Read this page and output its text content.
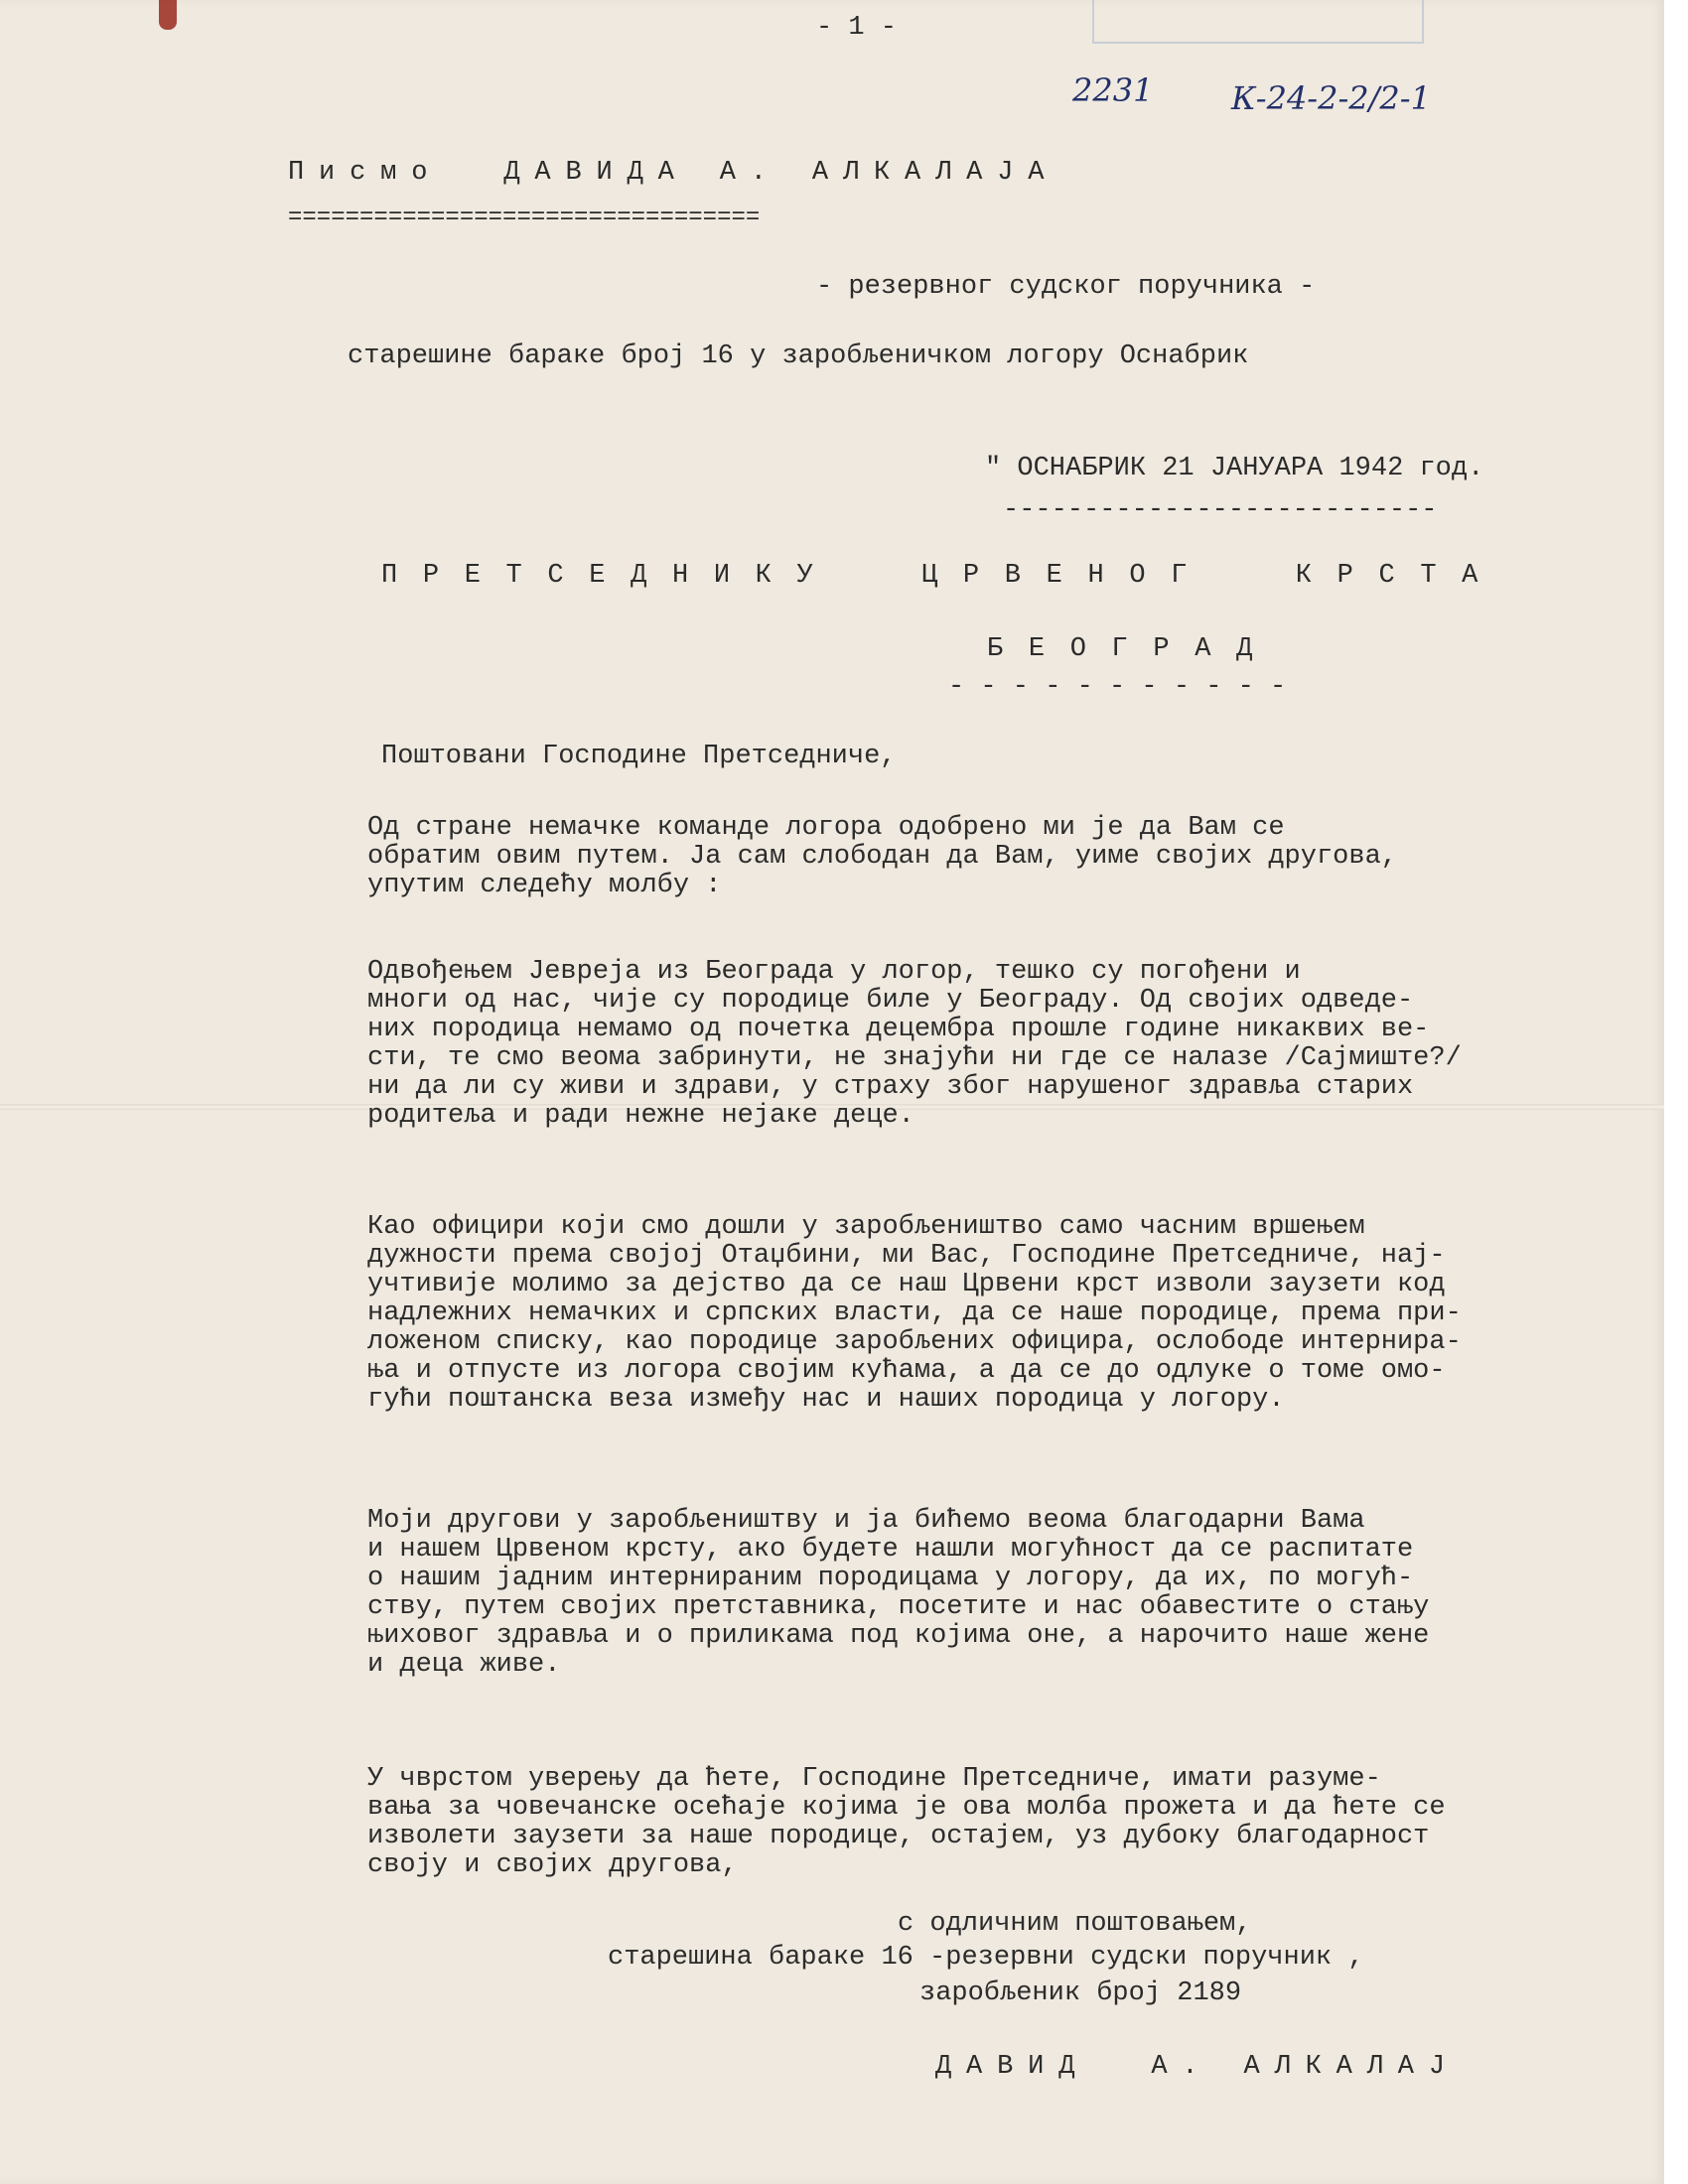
- 1 -
2231 К-24-2-2/2-1
Писмо  ДАВИДА А. АЛКАЛАЈА
=================================
- резервног судског поручника -
старешине бараке број 16 у заробљеничком логору Оснабрик
" ОСНАБРИК 21 ЈАНУАРА 1942 год.
---------------------------
ПРЕТСЕДНИКУ  ЦРВЕНОГ  КРСТА
БЕОГРАД
- - - - - - - - - - -
Поштовани Господине Претседниче,
Од стране немачке команде логора одобрено ми је да Вам се
обратим овим путем. Ја сам слободан да Вам, уиме својих другова,
упутим следећу молбу :
Одвођењем Јевреја из Београда у логор, тешко су погођени и
многи од нас, чије су породице биле у Београду. Од својих одведе-
них породица немамо од почетка децембра прошле године никаквих ве-
сти, те смо веома забринути, не знајући ни где се налазе /Сајмиште?/
ни да ли су живи и здрави, у страху због нарушеног здравља старих
родитеља и ради нежне нејаке деце.
Као официри који смо дошли у заробљеништво само часним вршењем
дужности према својој Отаџбини, ми Вас, Господине Претседниче, нај-
учтивије молимо за дејство да се наш Црвени крст изволи заузети код
надлежних немачких и српских власти, да се наше породице, према при-
ложеном списку, као породице заробљених официра, ослободе интернира-
ња и отпусте из логора својим кућама, а да се до одлуке о томе омо-
гући поштанска веза између нас и наших породица у логору.
Моји другови у заробљеништву и ја бићемо веома благодарни Вама
и нашем Црвеном крсту, ако будете нашли могућност да се распитате
о нашим јадним интернираним породицама у логору, да их, по могућ-
ству, путем својих претставника, посетите и нас обавестите о стању
њиховог здравља и о приликама под којима оне, а нарочито наше жене
и деца живе.
У чврстом уверењу да ћете, Господине Претседниче, имати разуме-
вања за човечанске осећаје којима је ова молба прожета и да ћете се
изволети заузети за наше породице, остајем, уз дубоку благодарност
своју и својих другова,
с одличним поштовањем,
старешина бараке 16 -резервни судски поручник ,
заробљеник број 2189
ДАВИД  А. АЛКАЛАЈ
